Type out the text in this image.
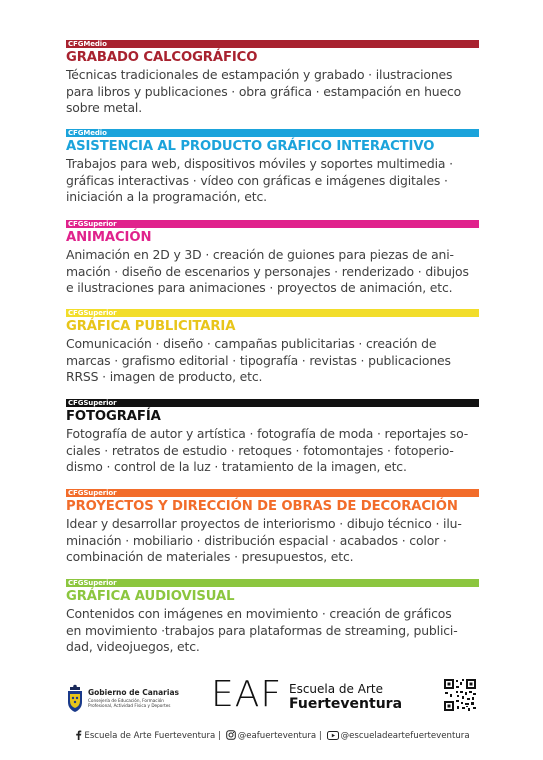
CFGMedio
GRABADO CALCOGRÁFICO
Técnicas tradicionales de estampación y grabado · ilustraciones
para libros y publicaciones · obra gráfica · estampación en hueco
sobre metal.
CFGMedio
ASISTENCIA AL PRODUCTO GRÁFICO INTERACTIVO
Trabajos para web, dispositivos móviles y soportes multimedia ·
gráficas interactivas · vídeo con gráficas e imágenes digitales ·
iniciación a la programación, etc.
CFGSuperior
ANIMACIÓN
Animación en 2D y 3D · creación de guiones para piezas de ani-
mación · diseño de escenarios y personajes · renderizado · dibujos
e ilustraciones para animaciones · proyectos de animación, etc.
CFGSuperior
GRÁFICA PUBLICITARIA
Comunicación · diseño · campañas publicitarias · creación de
marcas · grafismo editorial · tipografía · revistas · publicaciones
RRSS · imagen de producto, etc.
CFGSuperior
FOTOGRAFÍA
Fotografía de autor y artística · fotografía de moda · reportajes so-
ciales · retratos de estudio · retoques · fotomontajes · fotoperio-
dismo · control de la luz · tratamiento de la imagen, etc.
CFGSuperior
PROYECTOS Y DIRECCIÓN DE OBRAS DE DECORACIÓN
Idear y desarrollar proyectos de interiorismo · dibujo técnico · ilu-
minación · mobiliario · distribución espacial · acabados · color ·
combinación de materiales · presupuestos, etc.
CFGSuperior
GRÁFICA AUDIOVISUAL
Contenidos con imágenes en movimiento · creación de gráficos
en movimiento ·trabajos para plataformas de streaming, publici-
dad, videojuegos, etc.
Gobierno de Canarias
Consejería de Educación, Formación Profesional, Actividad Física y Deportes EAF Escuela de Arte
Fuerteventura
Escuela de Arte Fuerteventura | @eafuerteventura | @escueladeartefuerteventura
